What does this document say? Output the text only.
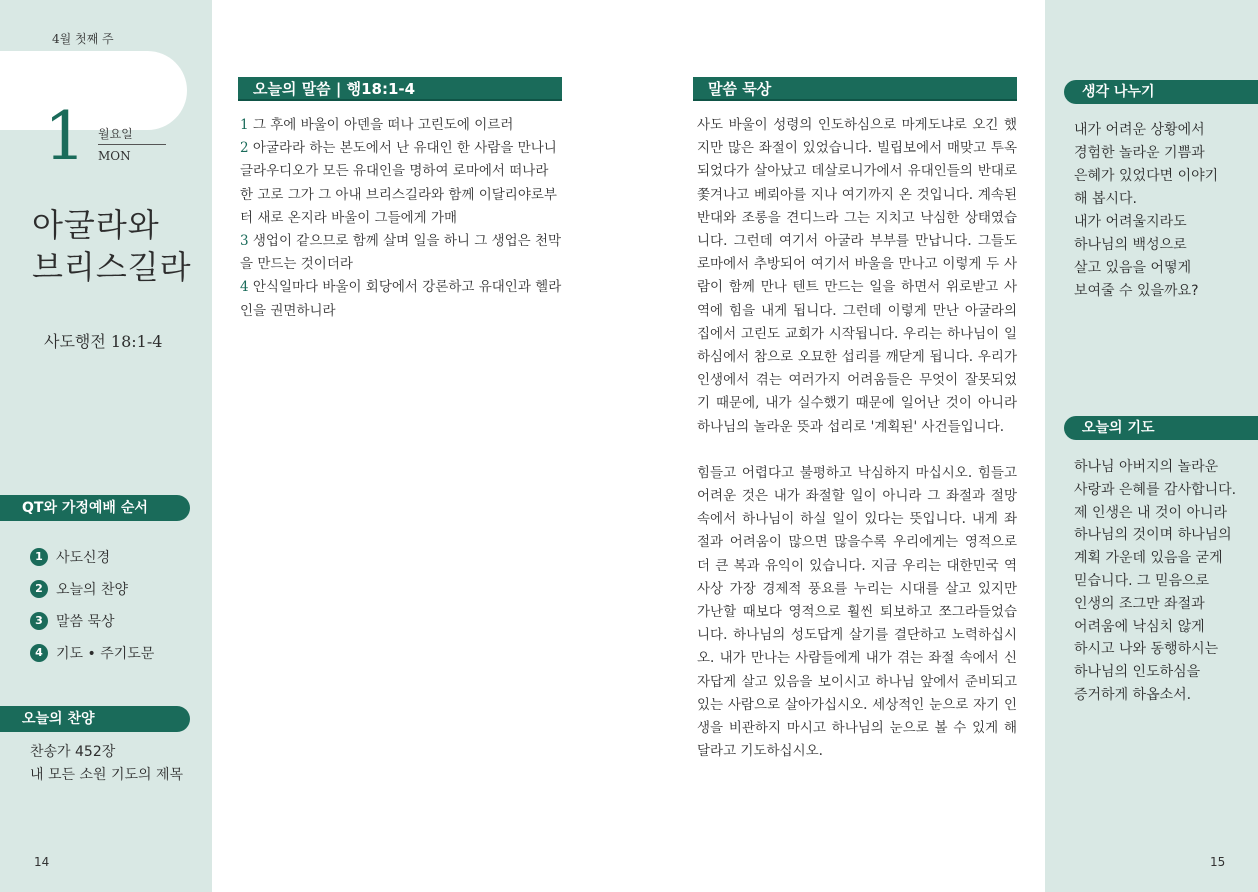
4월 첫째 주
1 월요일
MON
아굴라와
브리스길라
사도행전 18:1-4
QT와 가정예배 순서
1 사도신경
2 오늘의 찬양
3 말씀 묵상
4 기도 • 주기도문
오늘의 찬양
찬송가 452장
내 모든 소원 기도의 제목
14
오늘의 말씀 | 행18:1-4

1 그 후에 바울이 아덴을 떠나 고린도에 이르러

2 아굴라라 하는 본도에서 난 유대인 한 사람을 만나니 글라우디오가 모든 유대인을 명하여 로마에서 떠나라 한 고로 그가 그 아내 브리스길라와 함께 이달리야로부터 새로 온지라 바울이 그들에게 가매

3 생업이 같으므로 함께 살며 일을 하니 그 생업은 천막을 만드는 것이더라

4 안식일마다 바울이 회당에서 강론하고 유대인과 헬라인을 권면하니라

말씀 묵상

사도 바울이 성령의 인도하심으로 마게도냐로 오긴 했지만 많은 좌절이 있었습니다. 빌립보에서 매맞고 투옥되었다가 살아났고 데살로니가에서 유대인들의 반대로 쫓겨나고 베뢰아를 지나 여기까지 온 것입니다. 계속된 반대와 조롱을 견디느라 그는 지치고 낙심한 상태였습니다. 그런데 여기서 아굴라 부부를 만납니다. 그들도 로마에서 추방되어 여기서 바울을 만나고 이렇게 두 사람이 함께 만나 텐트 만드는 일을 하면서 위로받고 사역에 힘을 내게 됩니다. 그런데 이렇게 만난 아굴라의 집에서 고린도 교회가 시작됩니다. 우리는 하나님이 일하심에서 참으로 오묘한 섭리를 깨닫게 됩니다. 우리가 인생에서 겪는 여러가지 어려움들은 무엇이 잘못되었기 때문에, 내가 실수했기 때문에 일어난 것이 아니라 하나님의 놀라운 뜻과 섭리로 '계획된' 사건들입니다.

힘들고 어렵다고 불평하고 낙심하지 마십시오. 힘들고 어려운 것은 내가 좌절할 일이 아니라 그 좌절과 절망 속에서 하나님이 하실 일이 있다는 뜻입니다. 내게 좌절과 어려움이 많으면 많을수록 우리에게는 영적으로 더 큰 복과 유익이 있습니다. 지금 우리는 대한민국 역사상 가장 경제적 풍요를 누리는 시대를 살고 있지만 가난할 때보다 영적으로 훨씬 퇴보하고 쪼그라들었습니다. 하나님의 성도답게 살기를 결단하고 노력하십시오. 내가 만나는 사람들에게 내가 겪는 좌절 속에서 신자답게 살고 있음을 보이시고 하나님 앞에서 준비되고 있는 사람으로 살아가십시오. 세상적인 눈으로 자기 인생을 비관하지 마시고 하나님의 눈으로 볼 수 있게 해달라고 기도하십시오.

생각 나누기
내가 어려운 상황에서
경험한 놀라운 기쁨과
은혜가 있었다면 이야기
해 봅시다.
내가 어려울지라도
하나님의 백성으로
살고 있음을 어떻게
보여줄 수 있을까요?
오늘의 기도
하나님 아버지의 놀라운
사랑과 은혜를 감사합니다.
제 인생은 내 것이 아니라
하나님의 것이며 하나님의
계획 가운데 있음을 굳게
믿습니다. 그 믿음으로
인생의 조그만 좌절과
어려움에 낙심치 않게
하시고 나와 동행하시는
하나님의 인도하심을
증거하게 하옵소서.
15
